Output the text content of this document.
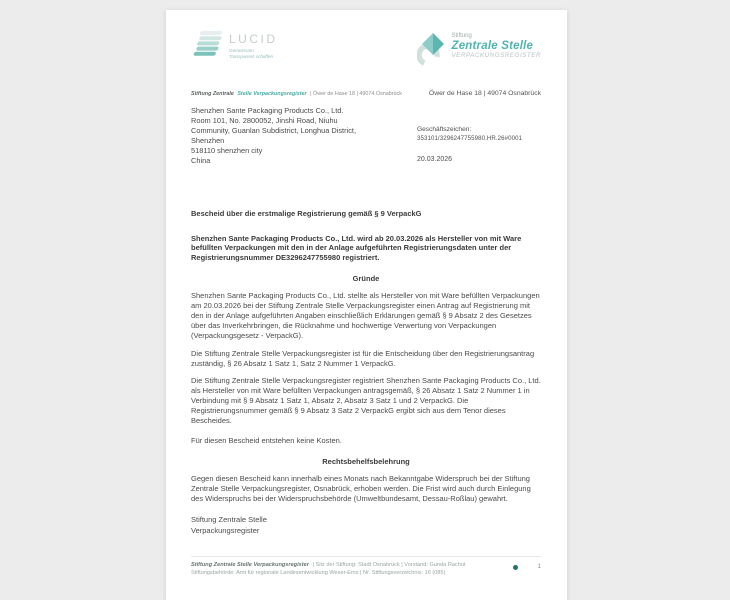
LUCID
Gemeinsam
Transparenz schaffen
Stiftung
Zentrale Stelle
VERPACKUNGSREGISTER
Stiftung Zentrale Stelle Verpackungsregister | Öwer de Hase 18 | 49074 Osnabrück	Öwer de Hase 18 | 49074 Osnabrück
Shenzhen Sante Packaging Products Co., Ltd.
Room 101, No. 2800052, Jinshi Road, Niuhu
Community, Guanlan Subdistrict, Longhua District,
Shenzhen
518110 shenzhen city
China
Geschäftszeichen:
353101/3296247755980.HR.26#0001
20.03.2026
Bescheid über die erstmalige Registrierung gemäß § 9 VerpackG
Shenzhen Sante Packaging Products Co., Ltd. wird ab 20.03.2026 als Hersteller von mit Ware befüllten Verpackungen mit den in der Anlage aufgeführten Registrierungsdaten unter der Registrierungsnummer DE3296247755980 registriert.
Gründe
Shenzhen Sante Packaging Products Co., Ltd. stellte als Hersteller von mit Ware befüllten Verpackungen am 20.03.2026 bei der Stiftung Zentrale Stelle Verpackungsregister einen Antrag auf Registrierung mit den in der Anlage aufgeführten Angaben einschließlich Erklärungen gemäß § 9 Absatz 2 des Gesetzes über das Inverkehrbringen, die Rücknahme und hochwertige Verwertung von Verpackungen (Verpackungsgesetz - VerpackG).
Die Stiftung Zentrale Stelle Verpackungsregister ist für die Entscheidung über den Registrierungsantrag zuständig, § 26 Absatz 1 Satz 1, Satz 2 Nummer 1 VerpackG.
Die Stiftung Zentrale Stelle Verpackungsregister registriert Shenzhen Sante Packaging Products Co., Ltd. als Hersteller von mit Ware befüllten Verpackungen antragsgemäß, § 26 Absatz 1 Satz 2 Nummer 1 in Verbindung mit § 9 Absatz 1 Satz 1, Absatz 2, Absatz 3 Satz 1 und 2 VerpackG. Die Registrierungsnummer gemäß § 9 Absatz 3 Satz 2 VerpackG ergibt sich aus dem Tenor dieses Bescheides.
Für diesen Bescheid entstehen keine Kosten.
Rechtsbehelfsbelehrung
Gegen diesen Bescheid kann innerhalb eines Monats nach Bekanntgabe Widerspruch bei der Stiftung Zentrale Stelle Verpackungsregister, Osnabrück, erhoben werden. Die Frist wird auch durch Einlegung des Widerspruchs bei der Widerspruchsbehörde (Umweltbundesamt, Dessau-Roßlau) gewahrt.
Stiftung Zentrale Stelle
Verpackungsregister
Stiftung Zentrale Stelle Verpackungsregister | Sitz der Stiftung: Stadt Osnabrück | Vorstand: Gunda Rachut
Stiftungsbehörde: Amt für regionale Landesentwicklung Weser-Ems | Nr. Stiftungsverzeichnis: 16 (085)
1
